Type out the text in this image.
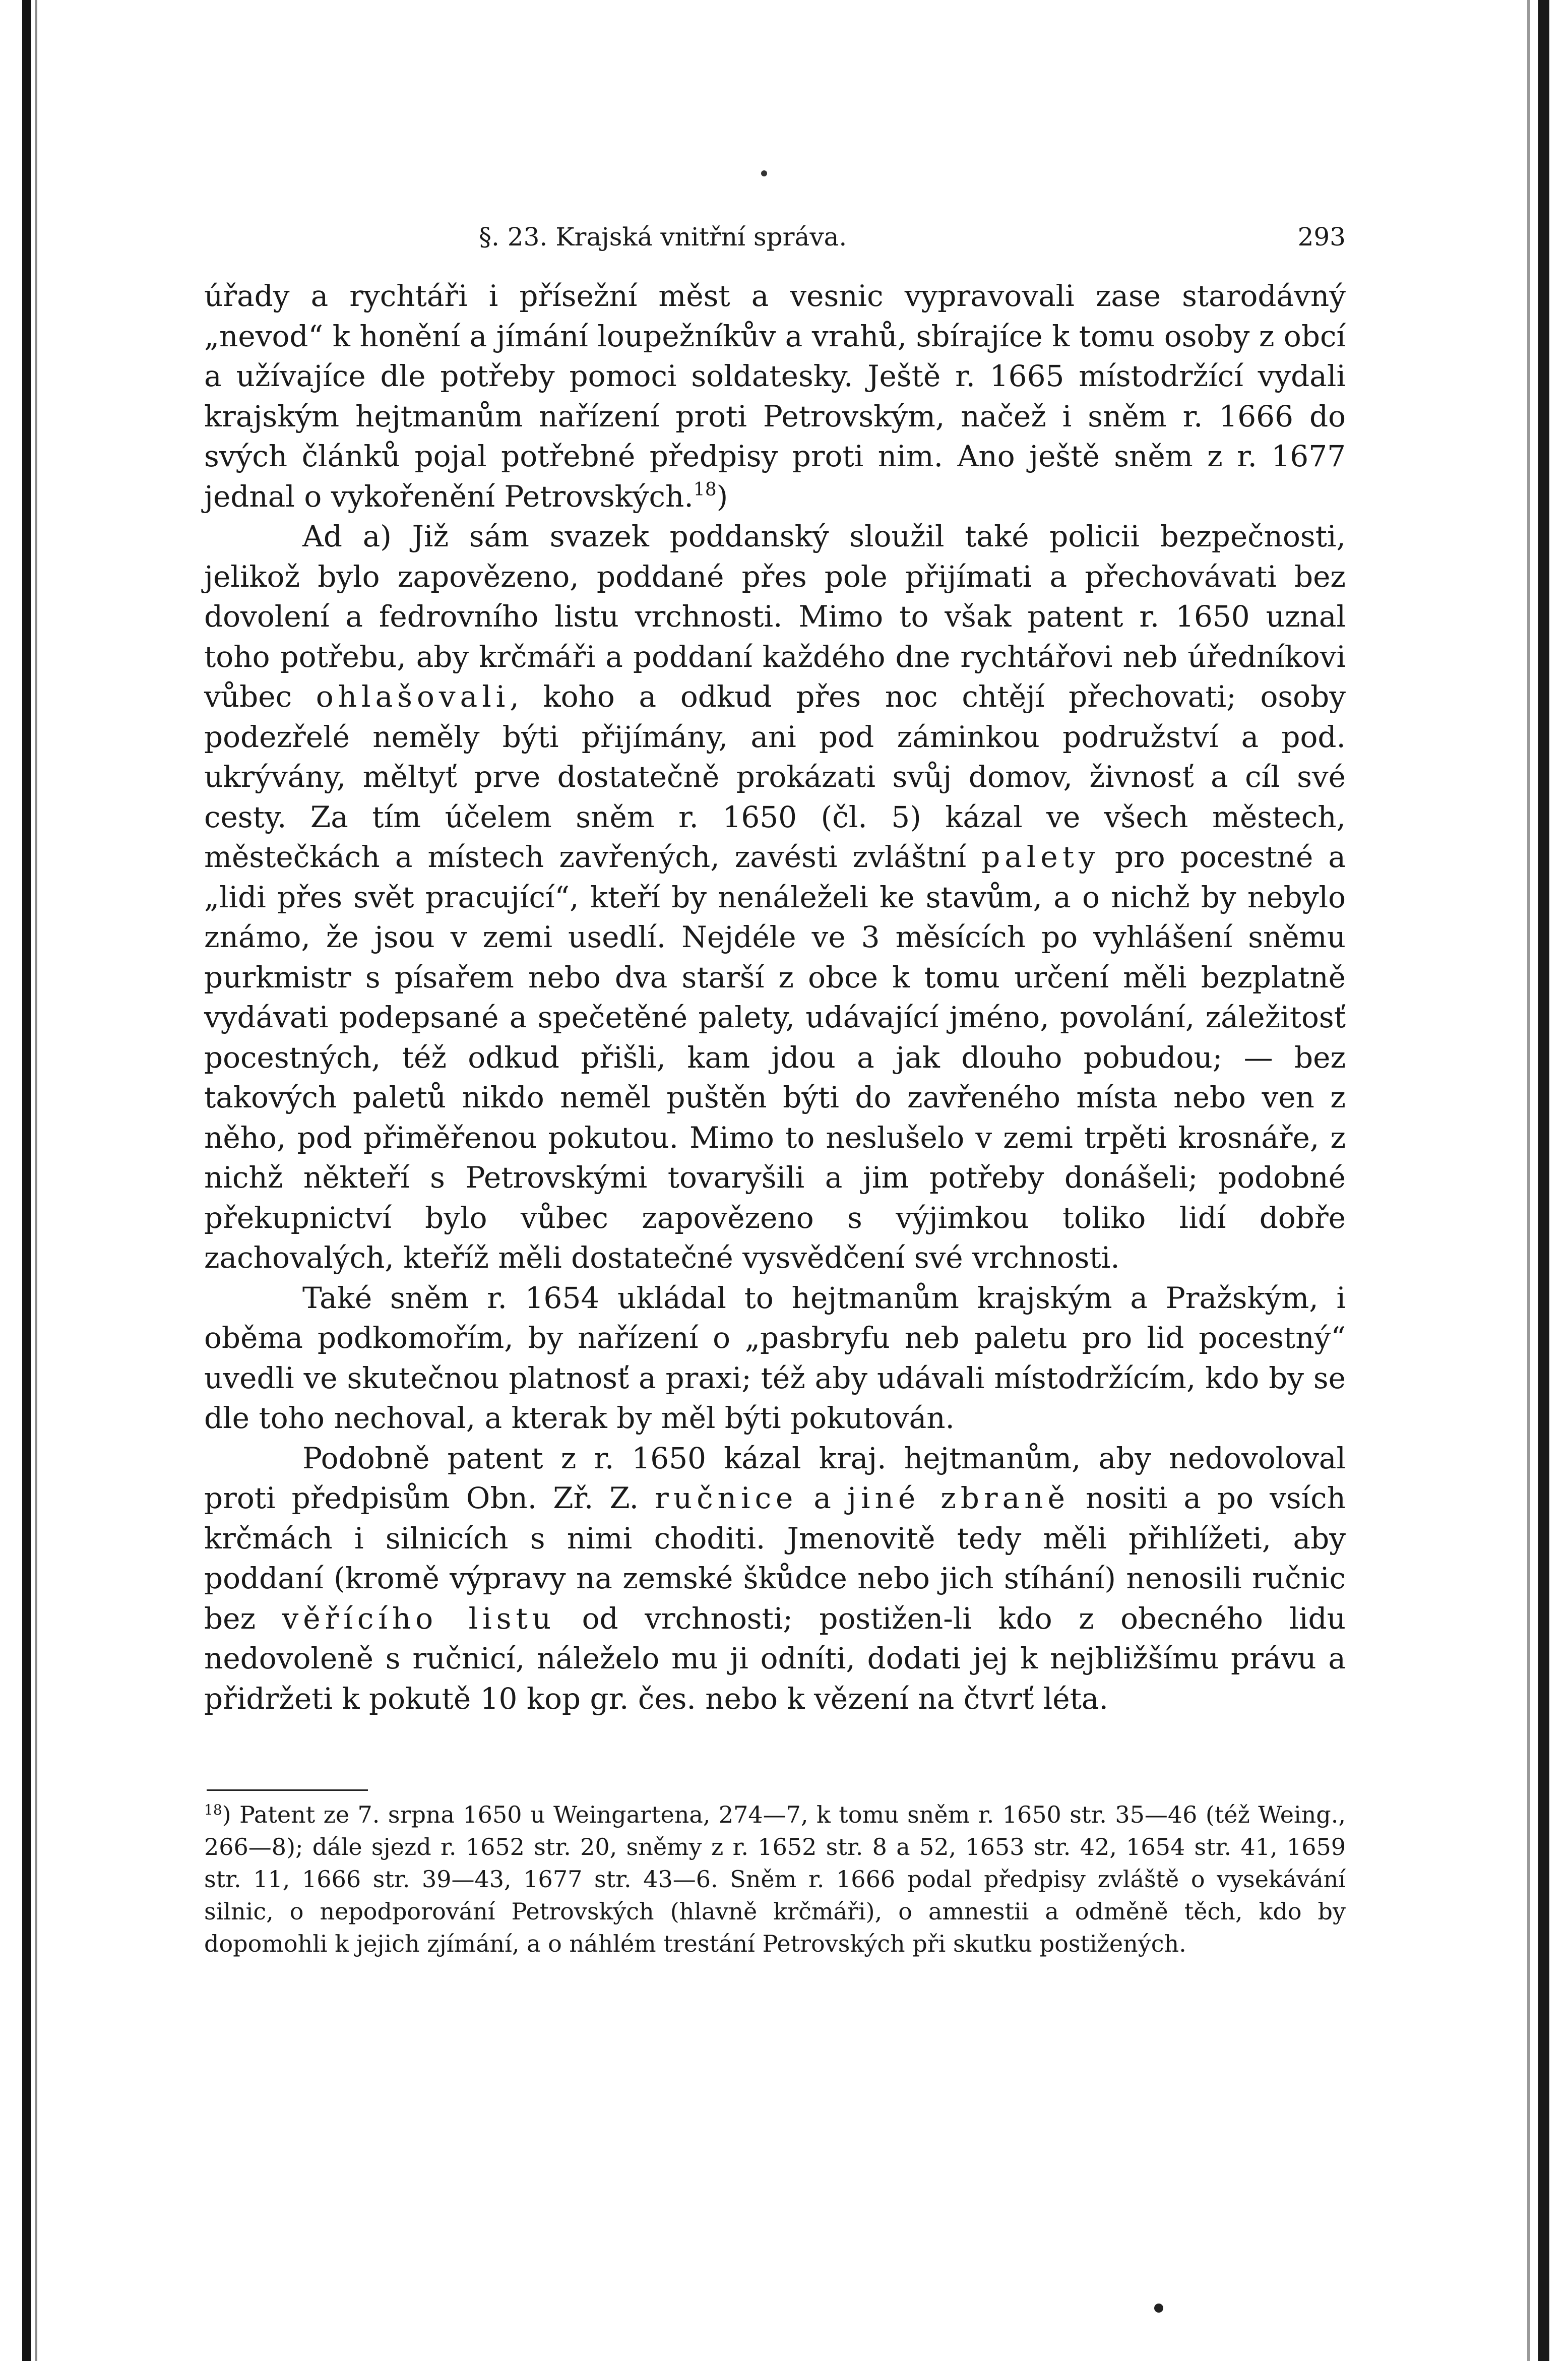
§. 23. Krajská vnitřní správa.	293

úřady a rychtáři i přísežní měst a vesnic vypravovali zase starodávný „nevod“ k honění a jímání loupežníkův a vrahů, sbírajíce k tomu osoby z obcí a užívajíce dle potřeby pomoci soldatesky. Ještě r. 1665 místodržící vydali krajským hejtmanům nařízení proti Petrovským, načež i sněm r. 1666 do svých článků pojal potřebné předpisy proti nim. Ano ještě sněm z r. 1677 jednal o vykořenění Petrovských.$^{18}$)

Ad a) Již sám svazek poddanský sloužil také policii bezpečnosti, jelikož bylo zapovězeno, poddané přes pole přijímati a přechovávati bez dovolení a fedrovního listu vrchnosti. Mimo to však patent r. 1650 uznal toho potřebu, aby krčmáři a poddaní každého dne rychtářovi neb úředníkovi vůbec ohlašovali, koho a odkud přes noc chtějí přechovati; osoby podezřelé neměly býti přijímány, ani pod záminkou podružství a pod. ukrývány, měltyť prve dostatečně prokázati svůj domov, živnosť a cíl své cesty. Za tím účelem sněm r. 1650 (čl. 5) kázal ve všech městech, městečkách a místech zavřených, zavésti zvláštní palety pro pocestné a „lidi přes svět pracující“, kteří by nenáleželi ke stavům, a o nichž by nebylo známo, že jsou v zemi usedlí. Nejdéle ve 3 měsících po vyhlášení sněmu purkmistr s písařem nebo dva starší z obce k tomu určení měli bezplatně vydávati podepsané a spečetěné palety, udávající jméno, povolání, záležitosť pocestných, též odkud přišli, kam jdou a jak dlouho pobudou; — bez takových paletů nikdo neměl puštěn býti do zavřeného místa nebo ven z něho, pod přiměřenou pokutou. Mimo to neslušelo v zemi trpěti krosnáře, z nichž někteří s Petrovskými tovaryšili a jim potřeby donášeli; podobné překupnictví bylo vůbec zapovězeno s výjimkou toliko lidí dobře zachovalých, kteříž měli dostatečné vysvědčení své vrchnosti.

Také sněm r. 1654 ukládal to hejtmanům krajským a Pražským, i oběma podkomořím, by nařízení o „pasbryfu neb paletu pro lid pocestný“ uvedli ve skutečnou platnosť a praxi; též aby udávali místodržícím, kdo by se dle toho nechoval, a kterak by měl býti pokutován.

Podobně patent z r. 1650 kázal kraj. hejtmanům, aby nedovoloval proti předpisům Obn. Zř. Z. ručnice a jiné zbraně nositi a po vsích krčmách i silnicích s nimi choditi. Jmenovitě tedy měli přihlížeti, aby poddaní (kromě výpravy na zemské škůdce nebo jich stíhání) nenosili ručnic bez věřícího listu od vrchnosti; postižen-li kdo z obecného lidu nedovoleně s ručnicí, náleželo mu ji odníti, dodati jej k nejbližšímu právu a přidržeti k pokutě 10 kop gr. čes. nebo k vězení na čtvrť léta.

$^{18}$) Patent ze 7. srpna 1650 u Weingartena, 274—7, k tomu sněm r. 1650 str. 35—46 (též Weing., 266—8); dále sjezd r. 1652 str. 20, sněmy z r. 1652 str. 8 a 52, 1653 str. 42, 1654 str. 41, 1659 str. 11, 1666 str. 39—43, 1677 str. 43—6. Sněm r. 1666 podal předpisy zvláště o vysekávání silnic, o nepodporování Petrovských (hlavně krčmáři), o amnestii a odměně těch, kdo by dopomohli k jejich zjímání, a o náhlém trestání Petrovských při skutku postižených.
